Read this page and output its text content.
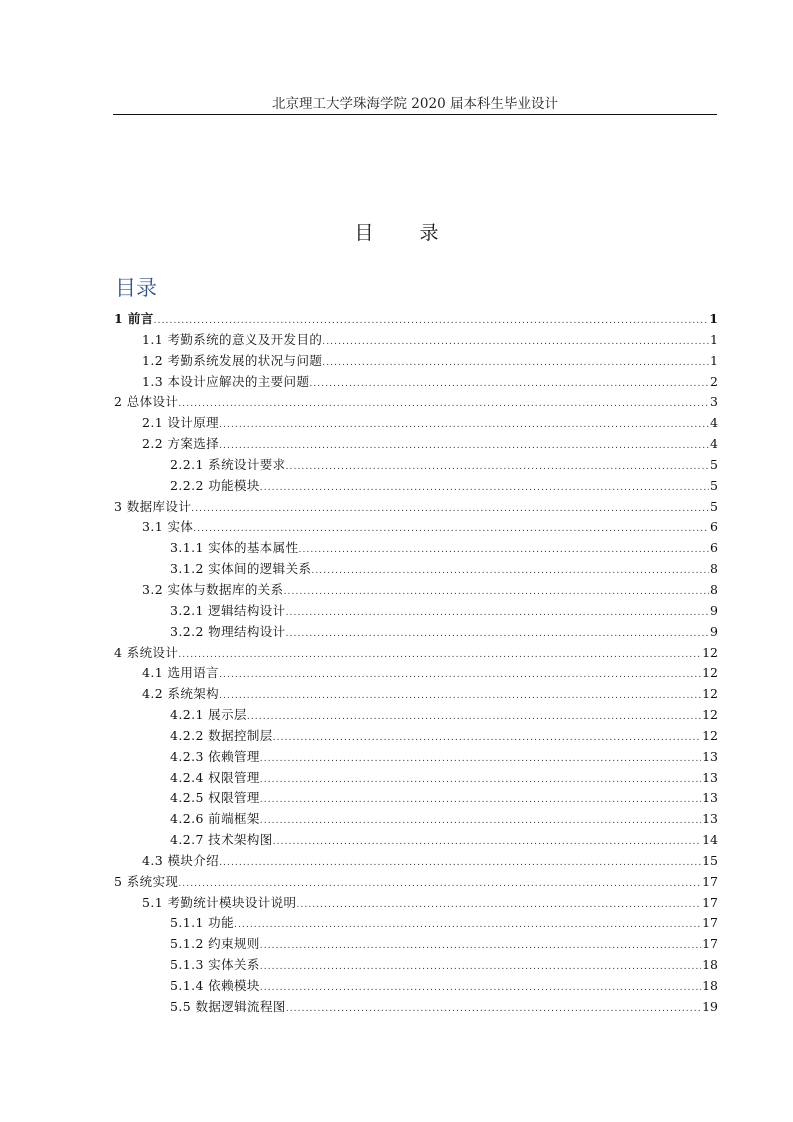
北京理工大学珠海学院 2020 届本科生毕业设计
目 录
目录
1 前言 .....	1
1.1 考勤系统的意义及开发目的 .....	1
1.2 考勤系统发展的状况与问题 .....	1
1.3 本设计应解决的主要问题 .....	2
2 总体设计 .....	3
2.1 设计原理 .....	4
2.2 方案选择 .....	4
2.2.1 系统设计要求 .....	5
2.2.2 功能模块 .....	5
3 数据库设计 .....	5
3.1 实体 .....	6
3.1.1 实体的基本属性 .....	6
3.1.2 实体间的逻辑关系 .....	8
3.2 实体与数据库的关系 .....	8
3.2.1 逻辑结构设计 .....	9
3.2.2 物理结构设计 .....	9
4 系统设计 .....	12
4.1 选用语言 .....	12
4.2 系统架构 .....	12
4.2.1 展示层 .....	12
4.2.2 数据控制层 .....	12
4.2.3 依赖管理 .....	13
4.2.4 权限管理 .....	13
4.2.5 权限管理 .....	13
4.2.6 前端框架 .....	13
4.2.7 技术架构图 .....	14
4.3 模块介绍 .....	15
5 系统实现 .....	17
5.1 考勤统计模块设计说明 .....	17
5.1.1 功能 .....	17
5.1.2 约束规则 .....	17
5.1.3 实体关系 .....	18
5.1.4 依赖模块 .....	18
5.5 数据逻辑流程图 .....	19
